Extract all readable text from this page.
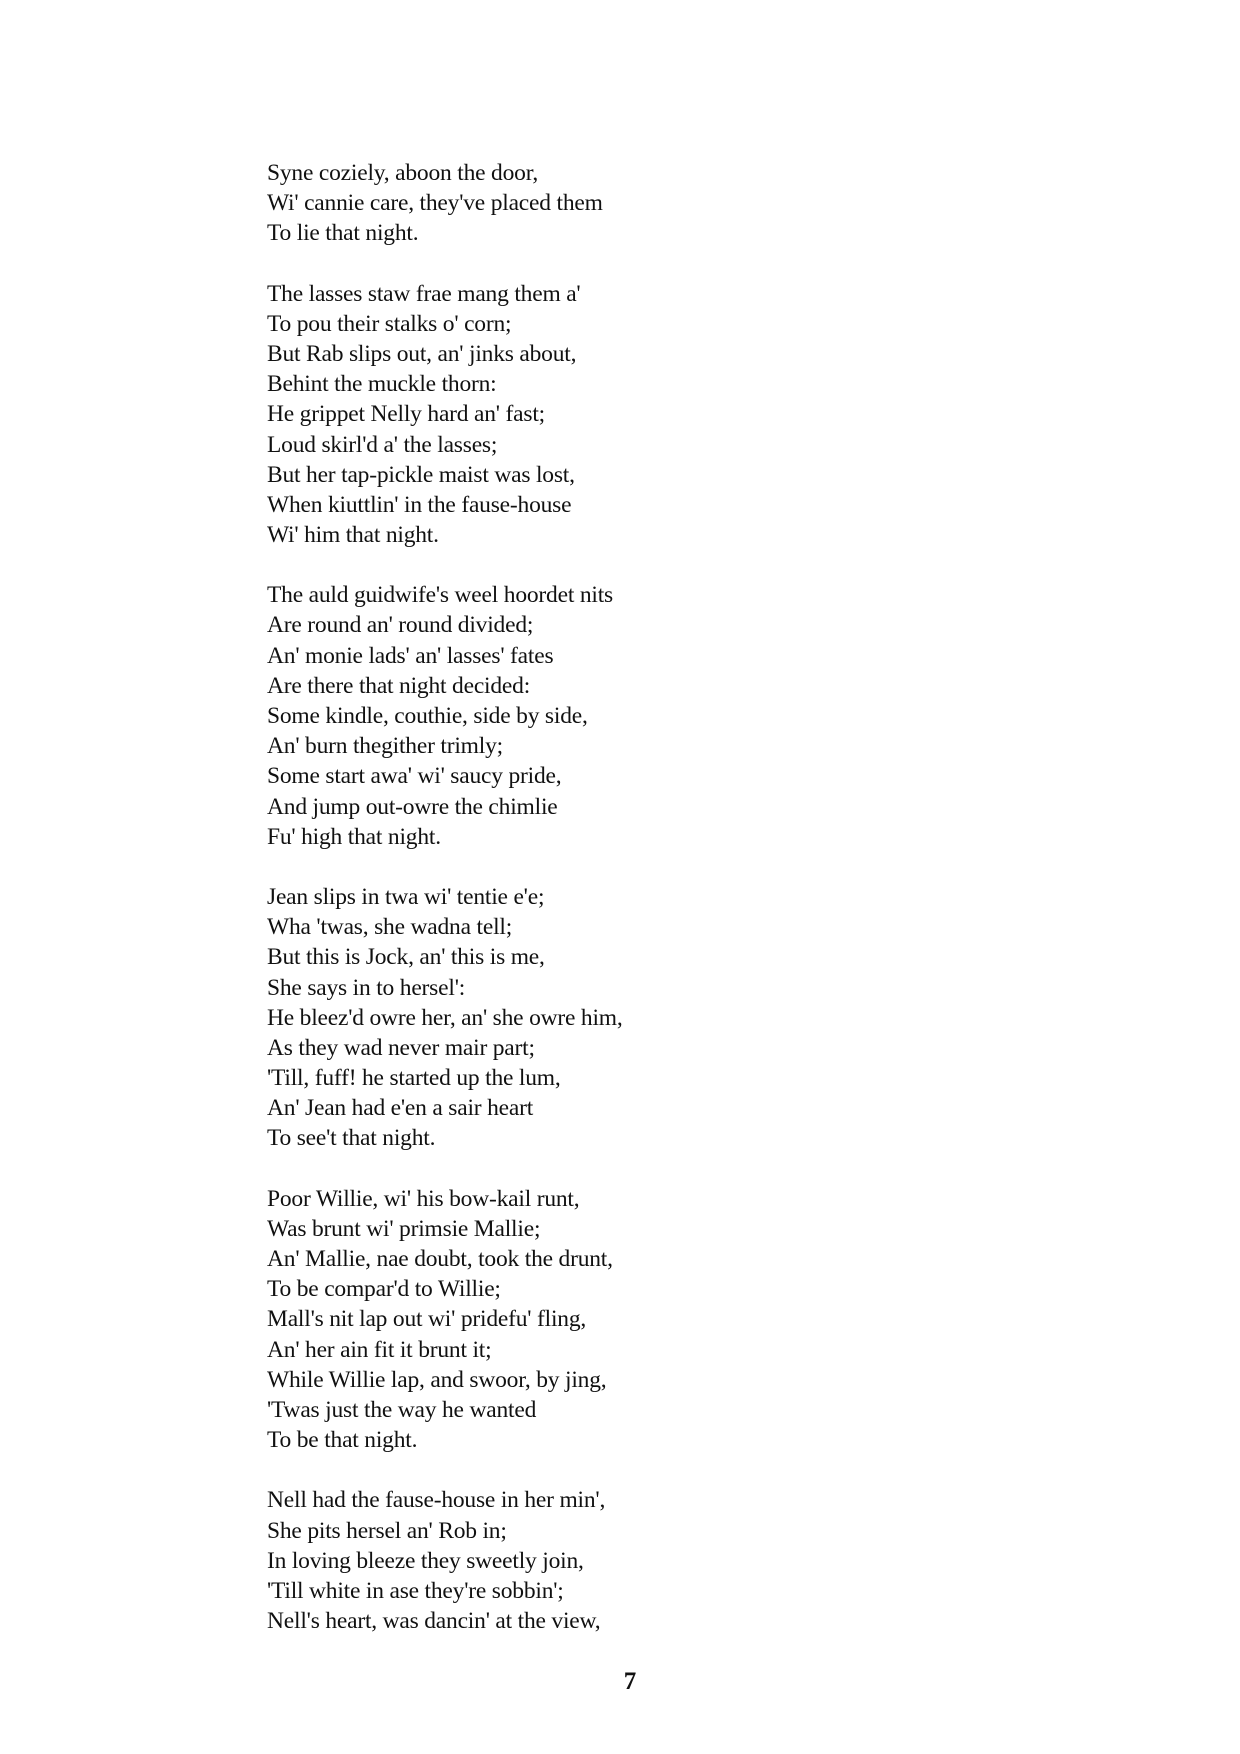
Syne coziely, aboon the door,
Wi' cannie care, they've placed them
To lie that night.
The lasses staw frae mang them a'
To pou their stalks o' corn;
But Rab slips out, an' jinks about,
Behint the muckle thorn:
He grippet Nelly hard an' fast;
Loud skirl'd a' the lasses;
But her tap-pickle maist was lost,
When kiuttlin' in the fause-house
Wi' him that night.
The auld guidwife's weel hoordet nits
Are round an' round divided;
An' monie lads' an' lasses' fates
Are there that night decided:
Some kindle, couthie, side by side,
An' burn thegither trimly;
Some start awa' wi' saucy pride,
And jump out-owre the chimlie
Fu' high that night.
Jean slips in twa wi' tentie e'e;
Wha 'twas, she wadna tell;
But this is Jock, an' this is me,
She says in to hersel':
He bleez'd owre her, an' she owre him,
As they wad never mair part;
'Till, fuff! he started up the lum,
An' Jean had e'en a sair heart
To see't that night.
Poor Willie, wi' his bow-kail runt,
Was brunt wi' primsie Mallie;
An' Mallie, nae doubt, took the drunt,
To be compar'd to Willie;
Mall's nit lap out wi' pridefu' fling,
An' her ain fit it brunt it;
While Willie lap, and swoor, by jing,
'Twas just the way he wanted
To be that night.
Nell had the fause-house in her min',
She pits hersel an' Rob in;
In loving bleeze they sweetly join,
'Till white in ase they're sobbin';
Nell's heart, was dancin' at the view,
7
